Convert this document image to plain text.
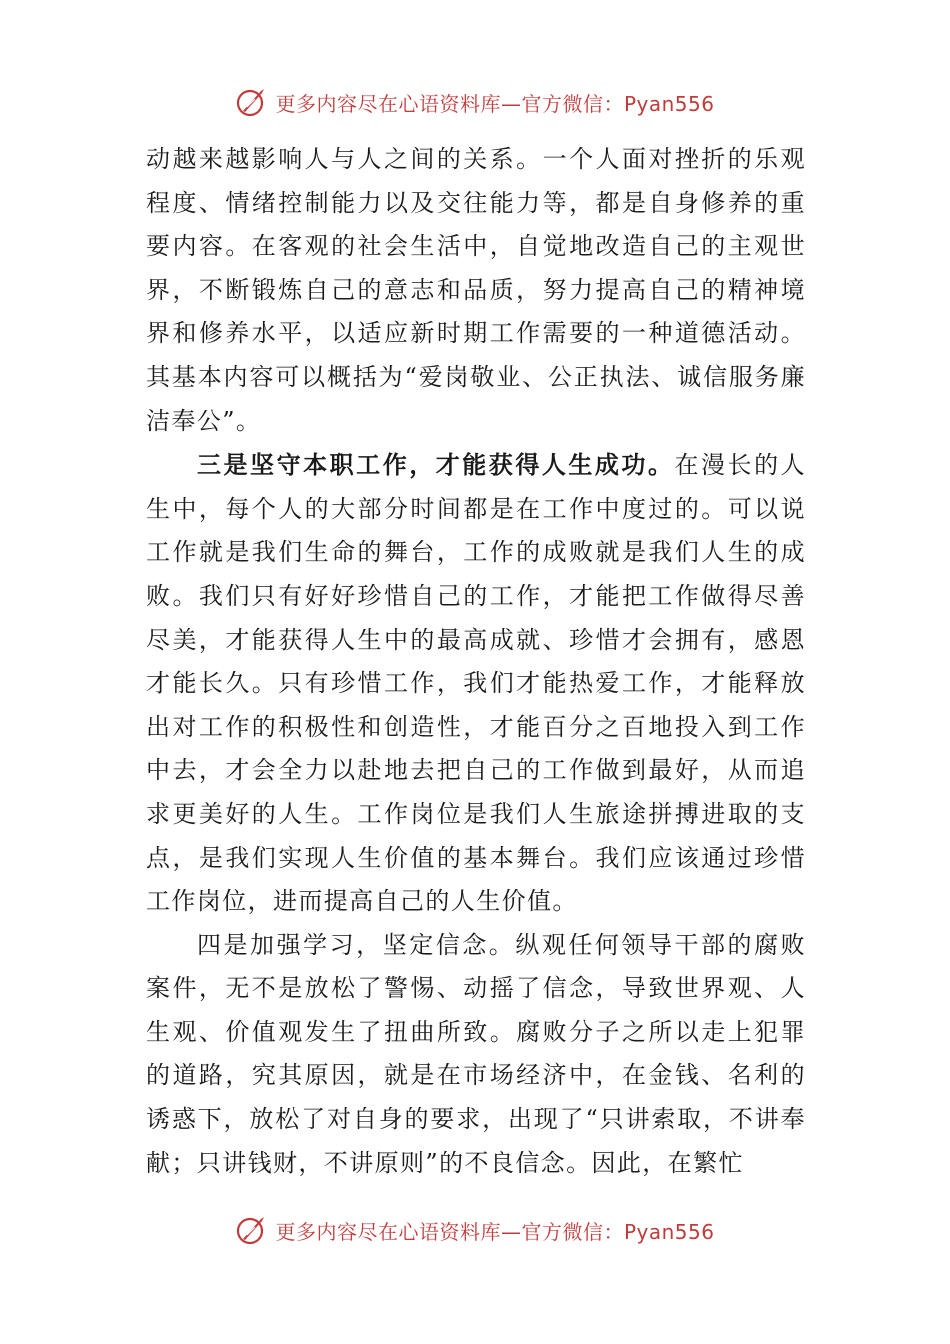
更多内容尽在心语资料库—官方微信：Pyan556

动越来越影响人与人之间的关系。一个人面对挫折的乐观程度、情绪控制能力以及交往能力等，都是自身修养的重要内容。在客观的社会生活中，自觉地改造自己的主观世界，不断锻炼自己的意志和品质，努力提高自己的精神境界和修养水平，以适应新时期工作需要的一种道德活动。其基本内容可以概括为“爱岗敬业、公正执法、诚信服务廉洁奉公”。

三是坚守本职工作，才能获得人生成功。在漫长的人生中，每个人的大部分时间都是在工作中度过的。可以说工作就是我们生命的舞台，工作的成败就是我们人生的成败。我们只有好好珍惜自己的工作，才能把工作做得尽善尽美，才能获得人生中的最高成就、珍惜才会拥有，感恩才能长久。只有珍惜工作，我们才能热爱工作，才能释放出对工作的积极性和创造性，才能百分之百地投入到工作中去，才会全力以赴地去把自己的工作做到最好，从而追求更美好的人生。工作岗位是我们人生旅途拼搏进取的支点，是我们实现人生价值的基本舞台。我们应该通过珍惜工作岗位，进而提高自己的人生价值。

四是加强学习，坚定信念。纵观任何领导干部的腐败案件，无不是放松了警惕、动摇了信念，导致世界观、人生观、价值观发生了扭曲所致。腐败分子之所以走上犯罪的道路，究其原因，就是在市场经济中，在金钱、名利的诱惑下，放松了对自身的要求，出现了“只讲索取，不讲奉献；只讲钱财，不讲原则”的不良信念。因此，在繁忙

更多内容尽在心语资料库—官方微信：Pyan556
